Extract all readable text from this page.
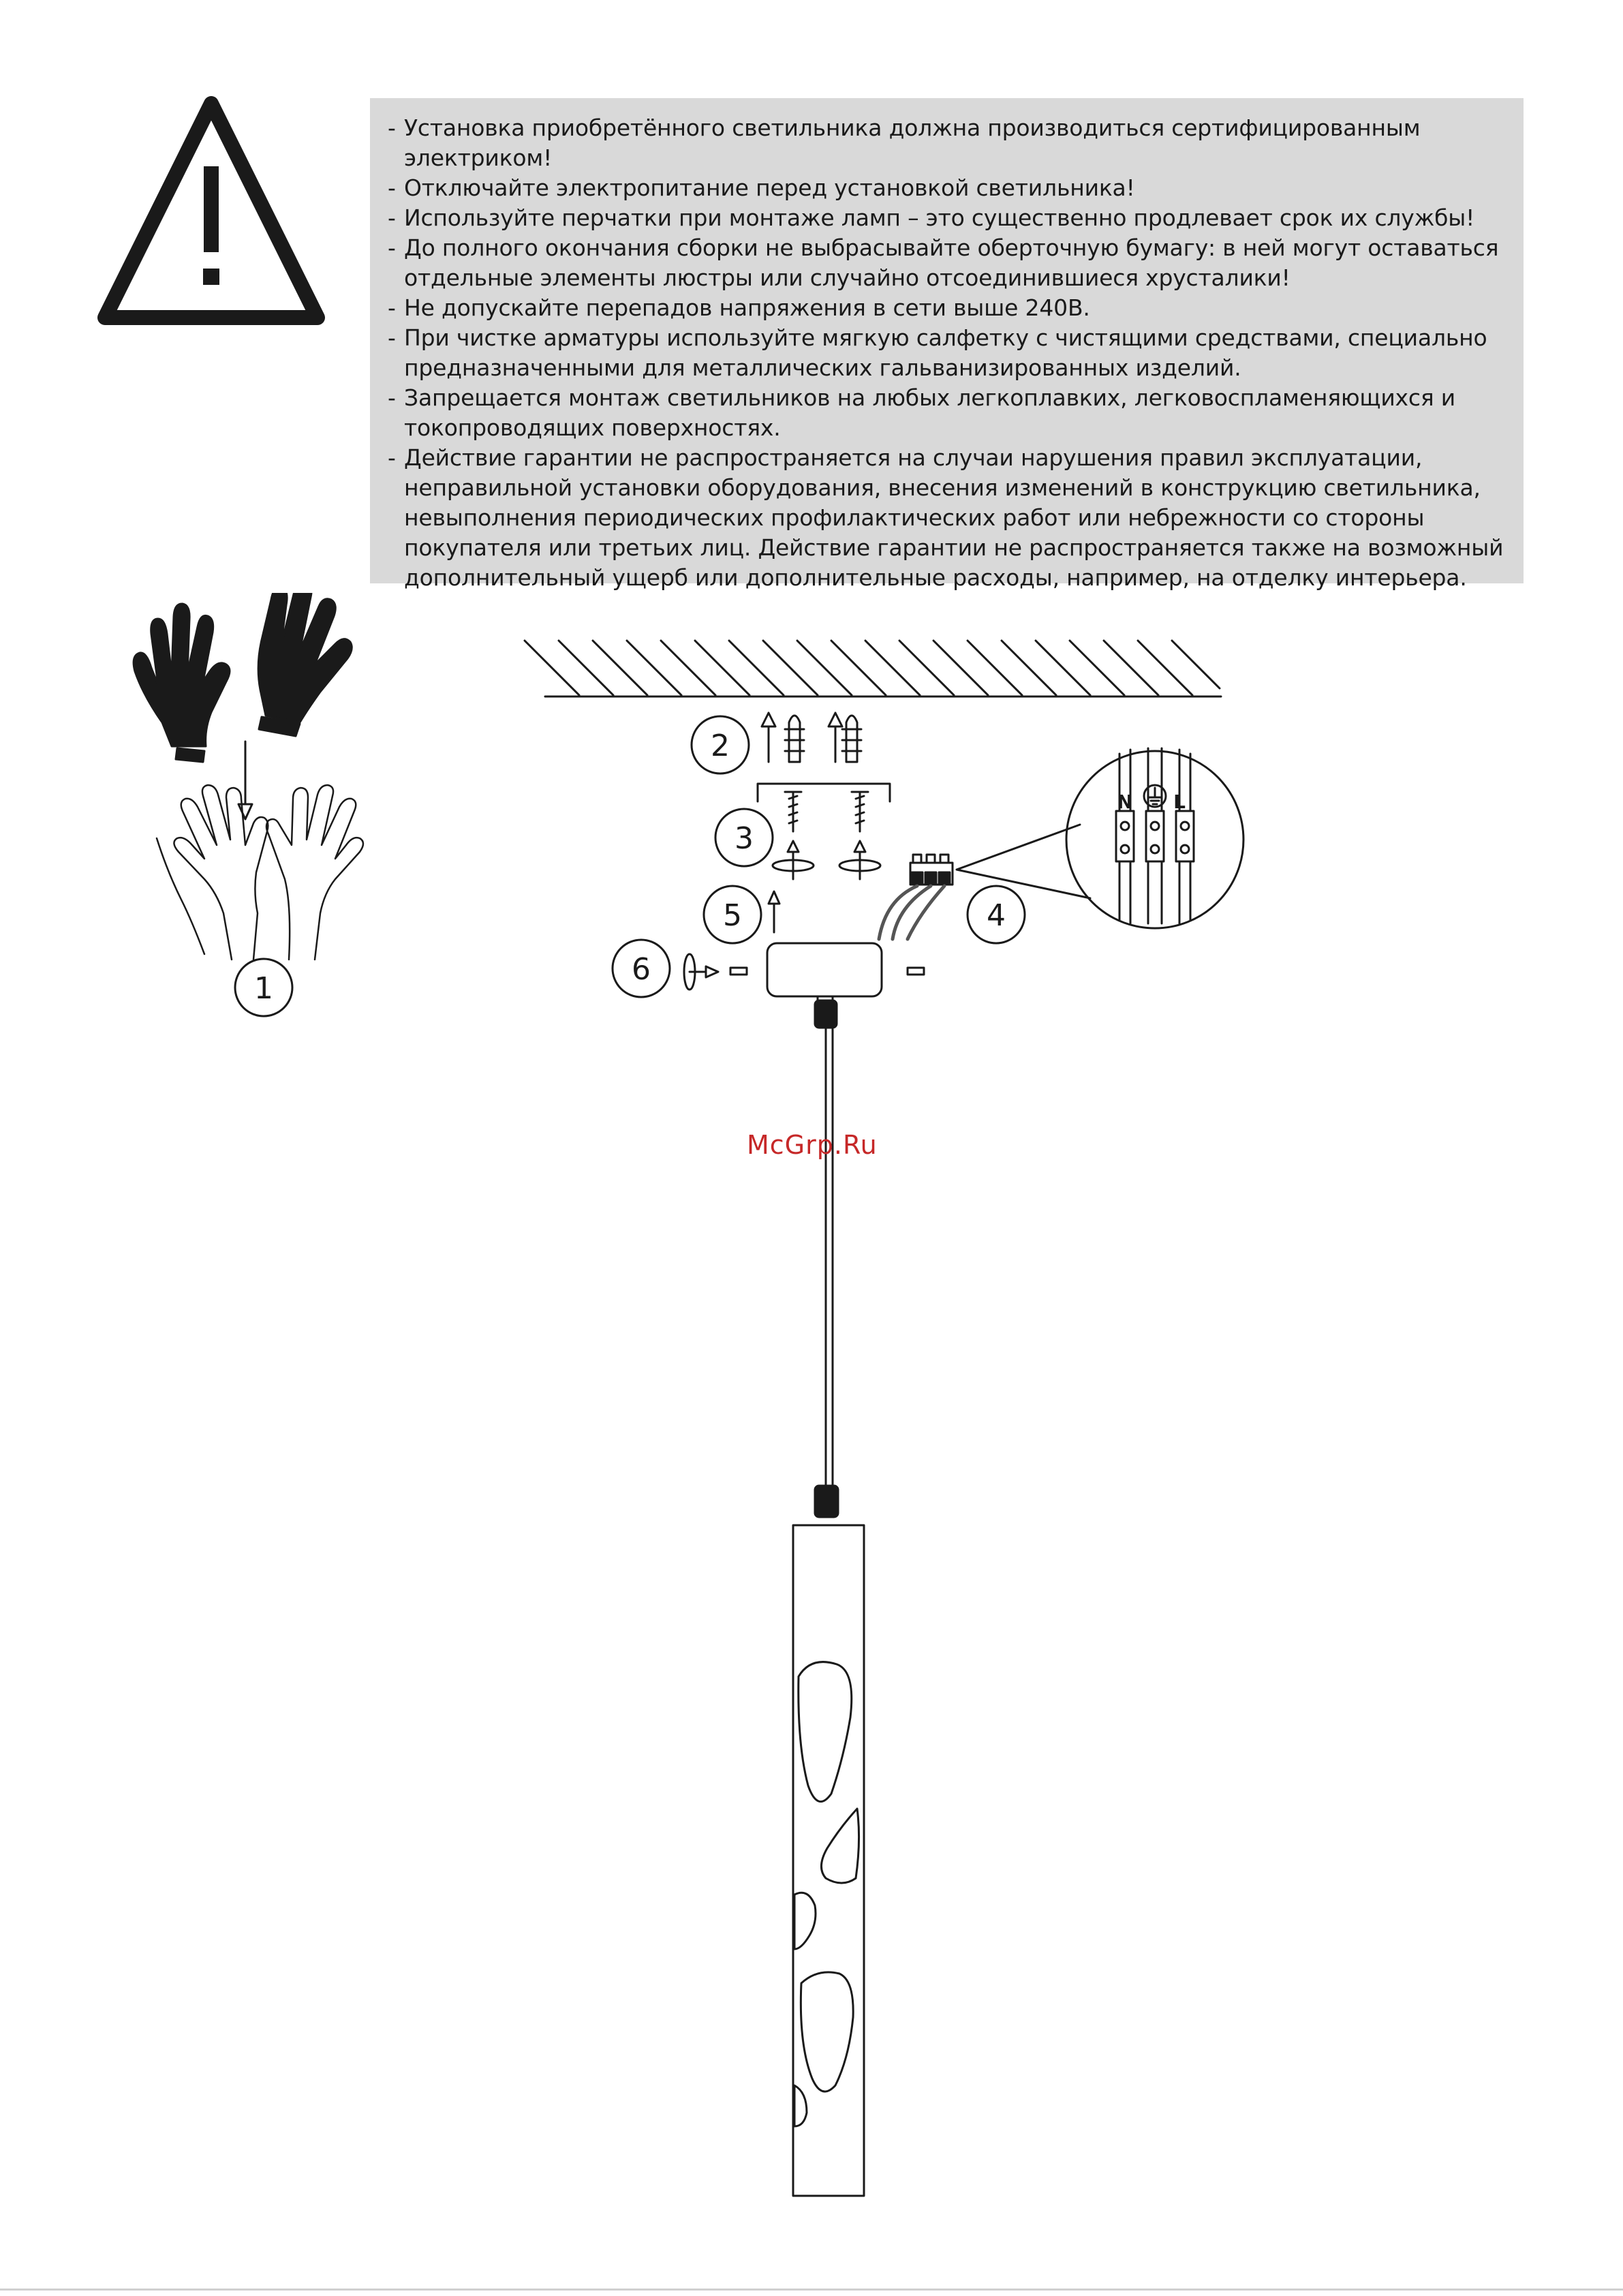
- Установка приобретённого светильника должна производиться сертифицированным электриком!
- Отключайте электропитание перед установкой светильника!
- Используйте перчатки при монтаже ламп – это существенно продлевает срок их службы!
- До полного окончания сборки не выбрасывайте оберточную бумагу: в ней могут оставаться отдельные элементы люстры или случайно отсоединившиеся хрусталики!
- Не допускайте перепадов напряжения в сети выше 240В.
- При чистке арматуры используйте мягкую салфетку с чистящими средствами, специально предназначенными для металлических гальванизированных изделий.
- Запрещается монтаж светильников на любых легкоплавких, легковоспламеняющихся и токопроводящих поверхностях.
- Действие гарантии не распространяется на случаи нарушения правил эксплуатации, неправильной установки оборудования, внесения изменений в конструкцию светильника, невыполнения периодических профилактических работ или небрежности со стороны покупателя или третьих лиц. Действие гарантии не распространяется также на возможный дополнительный ущерб или дополнительные расходы, например, на отделку интерьера.
1
2
3
4
5
6
N L
McGrp.Ru
